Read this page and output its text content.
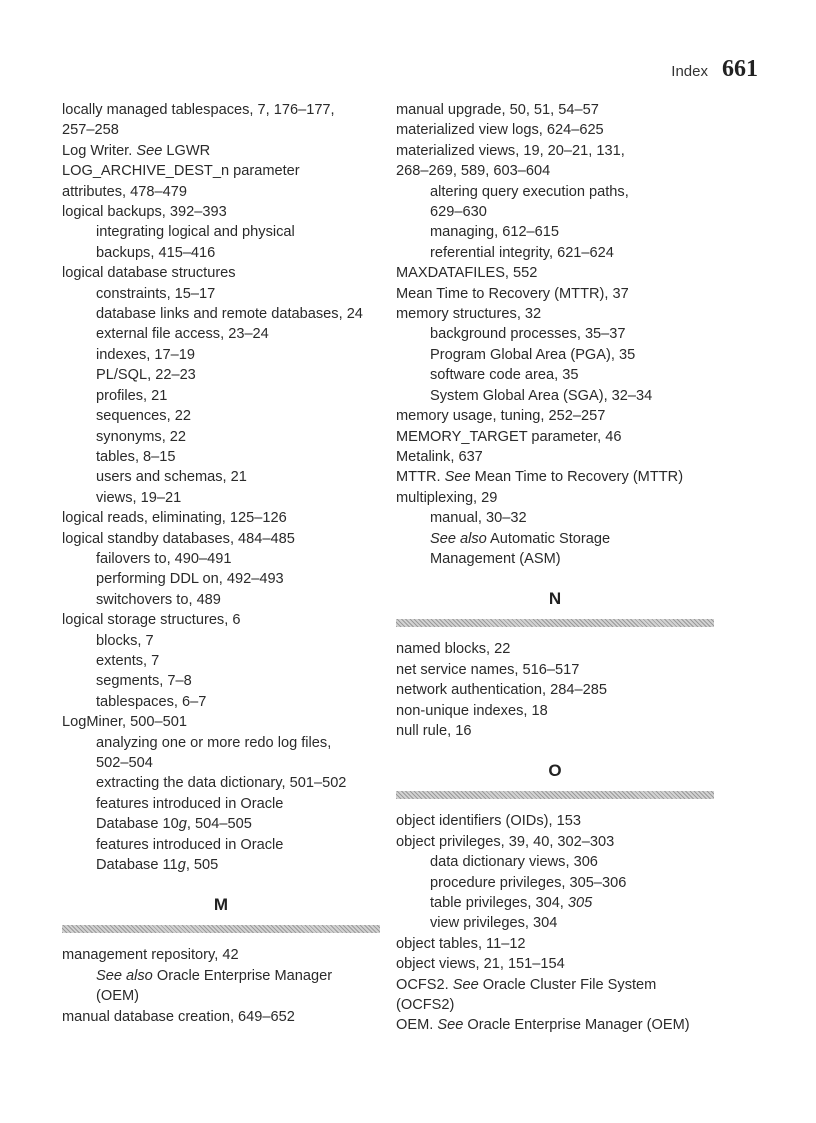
Index 661
locally managed tablespaces, 7, 176–177,
257–258
Log Writer. See LGWR
LOG_ARCHIVE_DEST_n parameter
attributes, 478–479
logical backups, 392–393
integrating logical and physical
backups, 415–416
logical database structures
constraints, 15–17
database links and remote databases, 24
external file access, 23–24
indexes, 17–19
PL/SQL, 22–23
profiles, 21
sequences, 22
synonyms, 22
tables, 8–15
users and schemas, 21
views, 19–21
logical reads, eliminating, 125–126
logical standby databases, 484–485
failovers to, 490–491
performing DDL on, 492–493
switchovers to, 489
logical storage structures, 6
blocks, 7
extents, 7
segments, 7–8
tablespaces, 6–7
LogMiner, 500–501
analyzing one or more redo log files,
502–504
extracting the data dictionary, 501–502
features introduced in Oracle
Database 10g, 504–505
features introduced in Oracle
Database 11g, 505
M
management repository, 42
See also Oracle Enterprise Manager
(OEM)
manual database creation, 649–652
manual upgrade, 50, 51, 54–57
materialized view logs, 624–625
materialized views, 19, 20–21, 131,
268–269, 589, 603–604
altering query execution paths,
629–630
managing, 612–615
referential integrity, 621–624
MAXDATAFILES, 552
Mean Time to Recovery (MTTR), 37
memory structures, 32
background processes, 35–37
Program Global Area (PGA), 35
software code area, 35
System Global Area (SGA), 32–34
memory usage, tuning, 252–257
MEMORY_TARGET parameter, 46
Metalink, 637
MTTR. See Mean Time to Recovery (MTTR)
multiplexing, 29
manual, 30–32
See also Automatic Storage
Management (ASM)
N
named blocks, 22
net service names, 516–517
network authentication, 284–285
non-unique indexes, 18
null rule, 16
O
object identifiers (OIDs), 153
object privileges, 39, 40, 302–303
data dictionary views, 306
procedure privileges, 305–306
table privileges, 304, 305
view privileges, 304
object tables, 11–12
object views, 21, 151–154
OCFS2. See Oracle Cluster File System
(OCFS2)
OEM. See Oracle Enterprise Manager (OEM)
